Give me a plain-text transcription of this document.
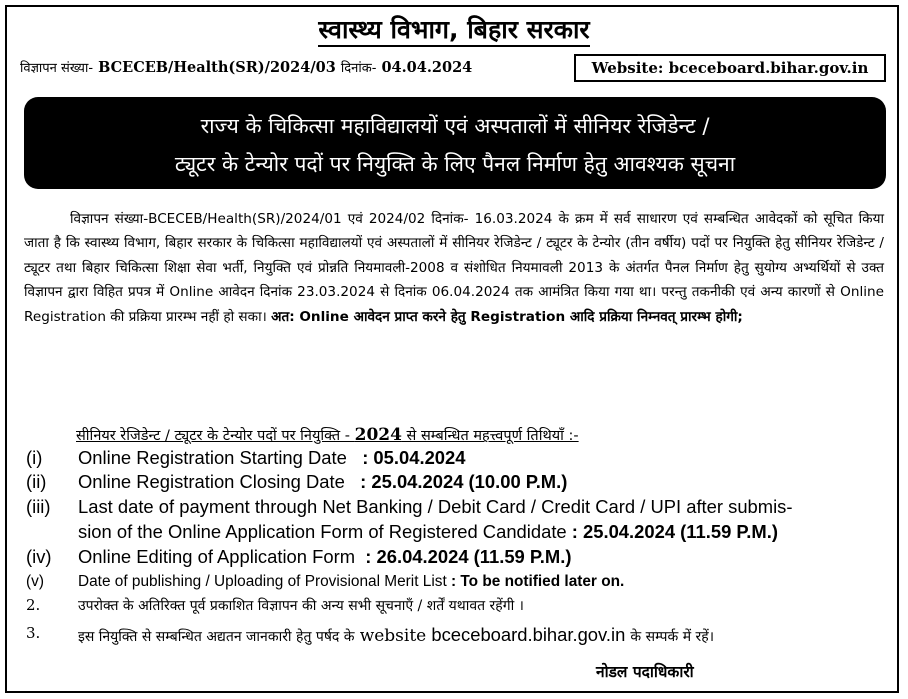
स्वास्थ्य विभाग, बिहार सरकार
विज्ञापन संख्या- BCECEB/Health(SR)/2024/03 दिनांक- 04.04.2024	Website: bceceboard.bihar.gov.in
राज्य के चिकित्सा महाविद्यालयों एवं अस्पतालों में सीनियर रेजिडेन्ट /
ट्यूटर के टेन्योर पदों पर नियुक्ति के लिए पैनल निर्माण हेतु आवश्यक सूचना
विज्ञापन संख्या-BCECEB/Health(SR)/2024/01 एवं 2024/02 दिनांक- 16.03.2024 के क्रम में सर्व साधारण एवं सम्बन्धित आवेदकों को सूचित किया जाता है कि स्वास्थ्य विभाग, बिहार सरकार के चिकित्सा महाविद्यालयों एवं अस्पतालों में सीनियर रेजिडेन्ट / ट्यूटर के टेन्योर (तीन वर्षीय) पदों पर नियुक्ति हेतु सीनियर रेजिडेन्ट / ट्यूटर तथा बिहार चिकित्सा शिक्षा सेवा भर्ती, नियुक्ति एवं प्रोन्नति नियमावली-2008 व संशोधित नियमावली 2013 के अंतर्गत पैनल निर्माण हेतु सुयोग्य अभ्यर्थियों से उक्त विज्ञापन द्वारा विहित प्रपत्र में Online आवेदन दिनांक 23.03.2024 से दिनांक 06.04.2024 तक आमंत्रित किया गया था। परन्तु तकनीकी एवं अन्य कारणों से Online Registration की प्रक्रिया प्रारम्भ नहीं हो सका। अत: Online आवेदन प्राप्त करने हेतु Registration आदि प्रक्रिया निम्नवत् प्रारम्भ होगी;
सीनियर रेजिडेन्ट / ट्यूटर के टेन्योर पदों पर नियुक्ति - 2024 से सम्बन्धित महत्त्वपूर्ण तिथियाँ :-
(i) Online Registration Starting Date : 05.04.2024
(ii) Online Registration Closing Date : 25.04.2024 (10.00 P.M.)
(iii) Last date of payment through Net Banking / Debit Card / Credit Card / UPI after submis-
sion of the Online Application Form of Registered Candidate : 25.04.2024 (11.59 P.M.)
(iv) Online Editing of Application Form : 26.04.2024 (11.59 P.M.)
(v) Date of publishing / Uploading of Provisional Merit List : To be notified later on.
2.	उपरोक्त के अतिरिक्त पूर्व प्रकाशित विज्ञापन की अन्य सभी सूचनाएँ / शर्तें यथावत रहेंगी ।
3.	इस नियुक्ति से सम्बन्धित अद्यतन जानकारी हेतु पर्षद के website bceceboard.bihar.gov.in के सम्पर्क में रहें।
नोडल पदाधिकारी
